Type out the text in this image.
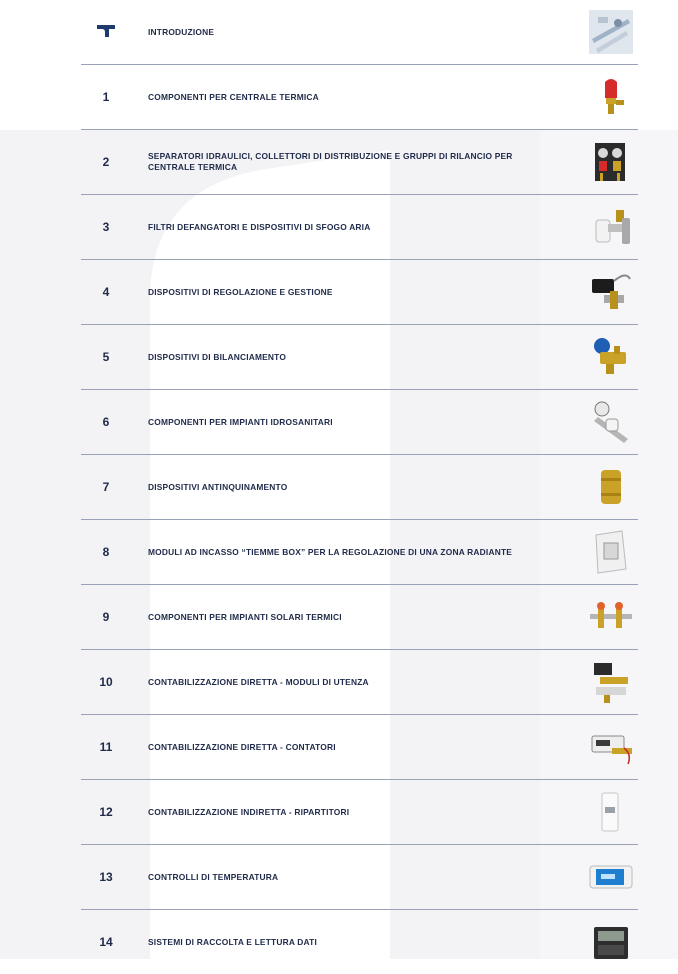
INTRODUZIONE
1	COMPONENTI PER CENTRALE TERMICA
2	SEPARATORI IDRAULICI, COLLETTORI DI DISTRIBUZIONE E GRUPPI DI RILANCIO PER CENTRALE TERMICA
3	FILTRI DEFANGATORI E DISPOSITIVI DI SFOGO ARIA
4	DISPOSITIVI DI REGOLAZIONE E GESTIONE
5	DISPOSITIVI DI BILANCIAMENTO
6	COMPONENTI PER IMPIANTI IDROSANITARI
7	DISPOSITIVI ANTINQUINAMENTO
8	MODULI AD INCASSO “TIEMME BOX” PER LA REGOLAZIONE DI UNA ZONA RADIANTE
9	COMPONENTI PER IMPIANTI SOLARI TERMICI
10	CONTABILIZZAZIONE DIRETTA - MODULI DI UTENZA
11	CONTABILIZZAZIONE DIRETTA - CONTATORI
12	CONTABILIZZAZIONE INDIRETTA - RIPARTITORI
13	CONTROLLI DI TEMPERATURA
14	SISTEMI DI RACCOLTA E LETTURA DATI
